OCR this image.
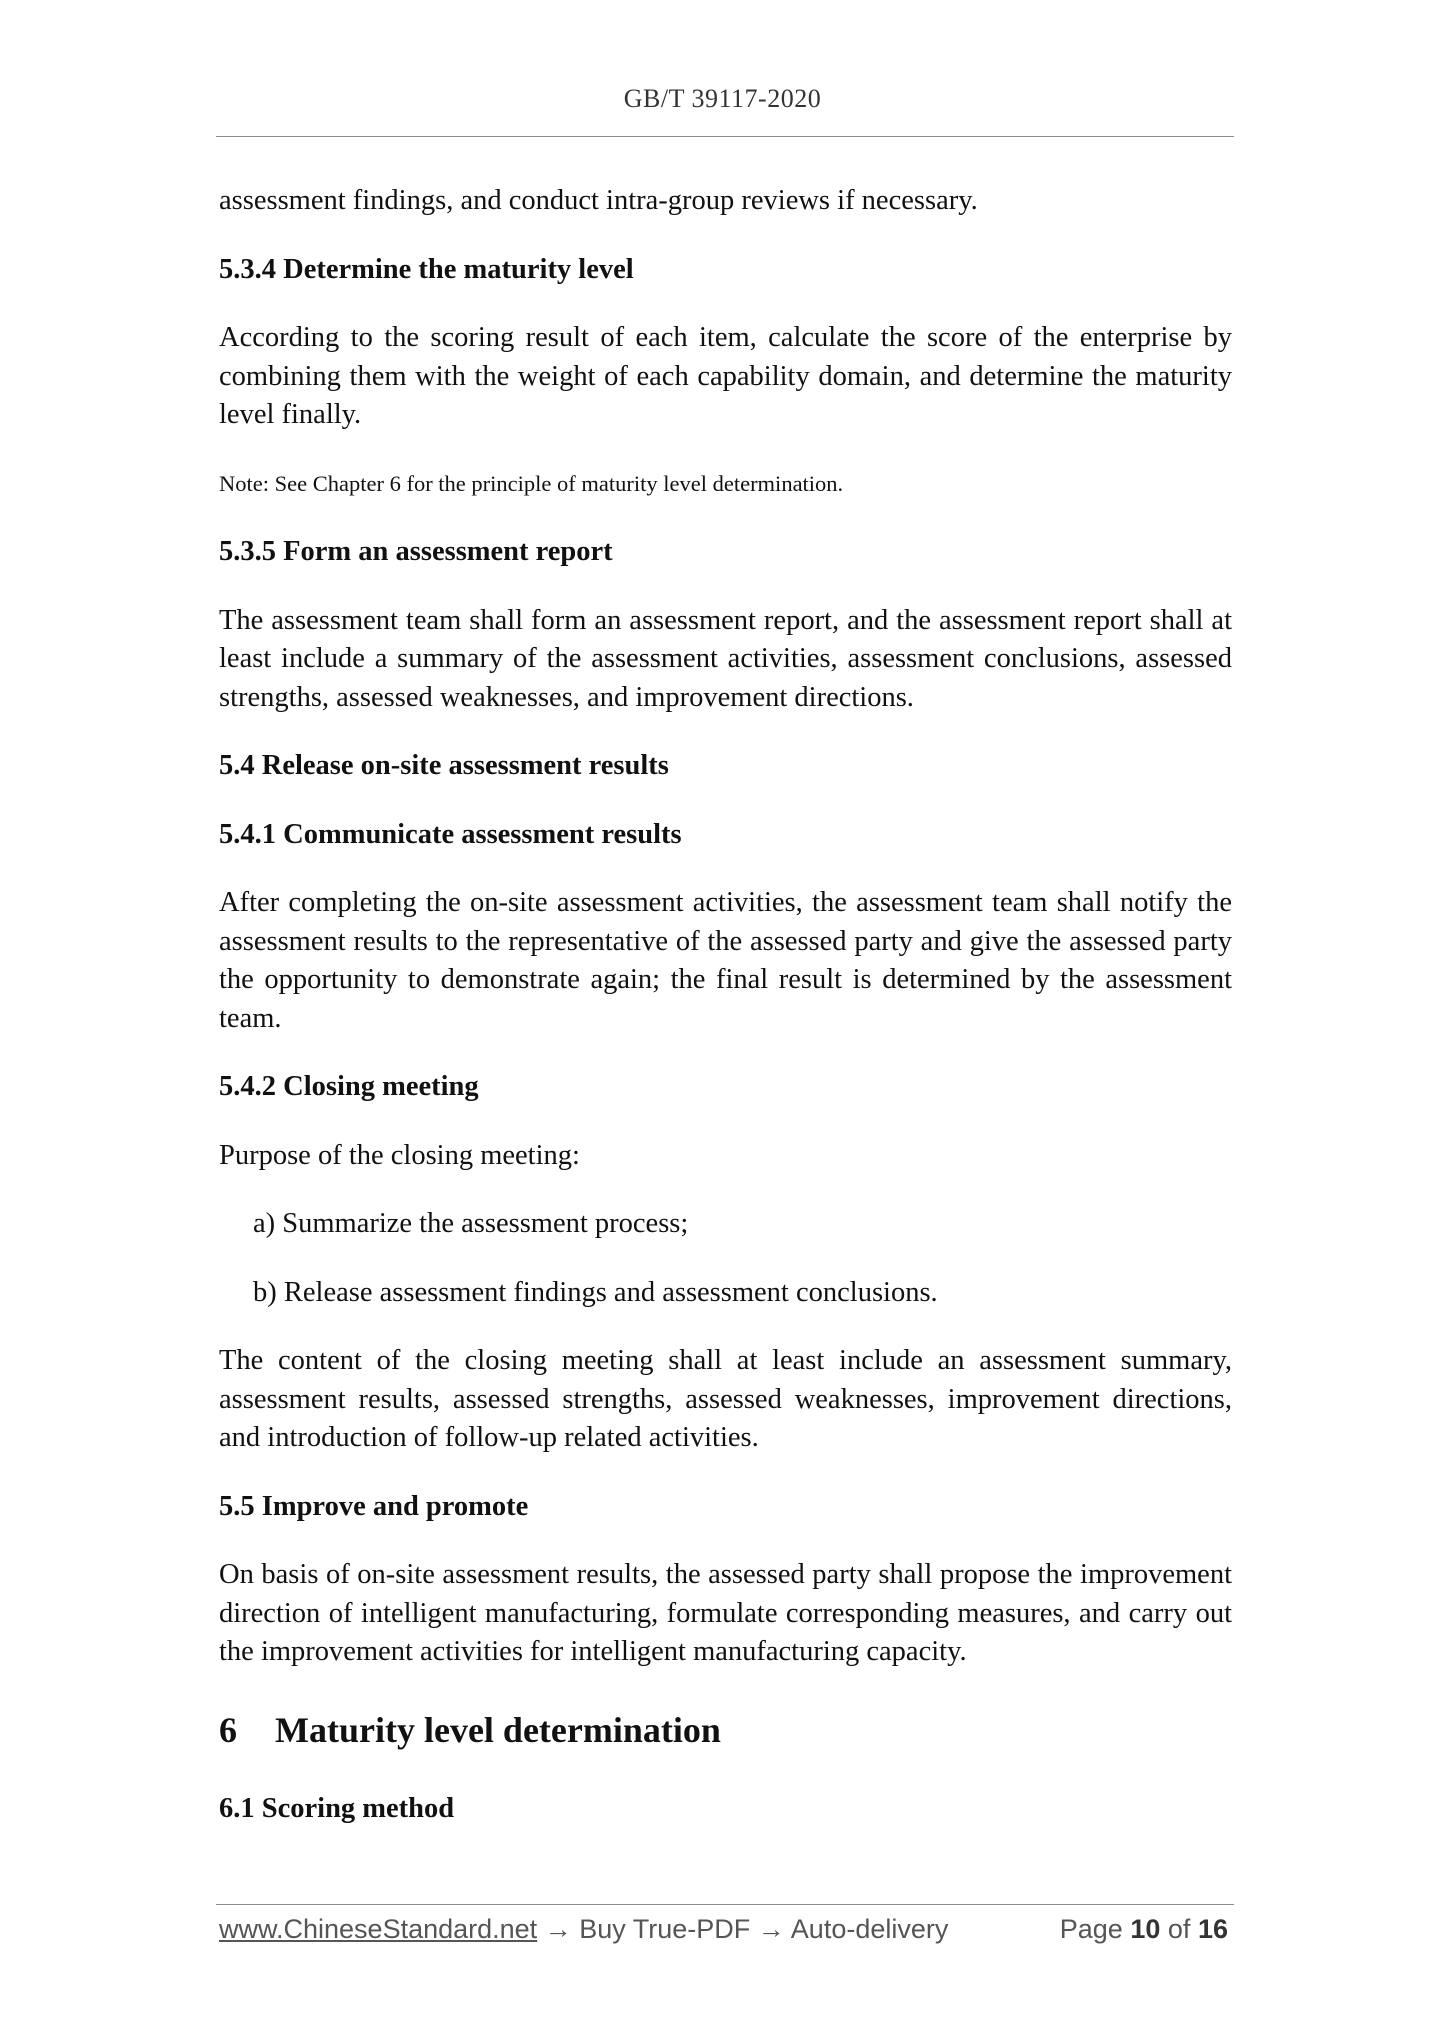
GB/T 39117-2020

assessment findings, and conduct intra-group reviews if necessary.

5.3.4 Determine the maturity level

According to the scoring result of each item, calculate the score of the enterprise by combining them with the weight of each capability domain, and determine the maturity level finally.

Note: See Chapter 6 for the principle of maturity level determination.

5.3.5 Form an assessment report

The assessment team shall form an assessment report, and the assessment report shall at least include a summary of the assessment activities, assessment conclusions, assessed strengths, assessed weaknesses, and improvement directions.

5.4 Release on-site assessment results
5.4.1 Communicate assessment results

After completing the on-site assessment activities, the assessment team shall notify the assessment results to the representative of the assessed party and give the assessed party the opportunity to demonstrate again; the final result is determined by the assessment team.

5.4.2 Closing meeting

Purpose of the closing meeting:

a) Summarize the assessment process;

b) Release assessment findings and assessment conclusions.

The content of the closing meeting shall at least include an assessment summary, assessment results, assessed strengths, assessed weaknesses, improvement directions, and introduction of follow-up related activities.

5.5 Improve and promote

On basis of on-site assessment results, the assessed party shall propose the improvement direction of intelligent manufacturing, formulate corresponding measures, and carry out the improvement activities for intelligent manufacturing capacity.

6 Maturity level determination
6.1 Scoring method
www.ChineseStandard.net → Buy True-PDF → Auto-delivery	Page 10 of 16
